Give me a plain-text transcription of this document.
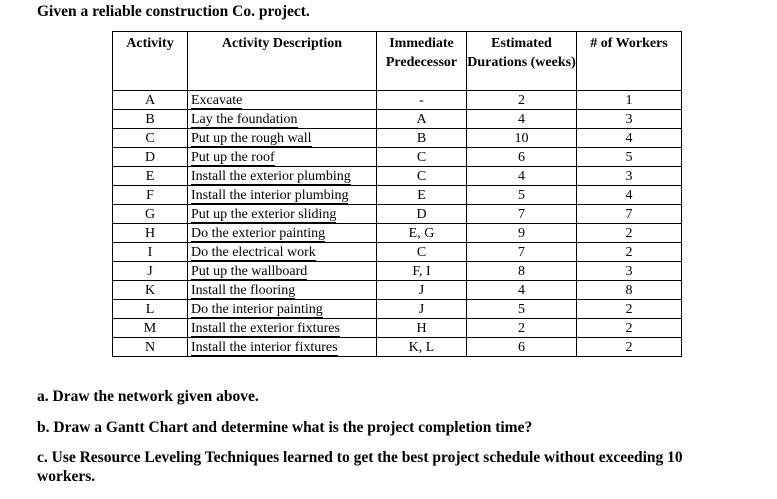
Given a reliable construction Co. project.
Activity	Activity Description	Immediate Predecessor	Estimated Durations (weeks)	# of Workers
A	Excavate	-	2	1
B	Lay the foundation	A	4	3
C	Put up the rough wall	B	10	4
D	Put up the roof	C	6	5
E	Install the exterior plumbing	C	4	3
F	Install the interior plumbing	E	5	4
G	Put up the exterior sliding	D	7	7
H	Do the exterior painting	E, G	9	2
I	Do the electrical work	C	7	2
J	Put up the wallboard	F, I	8	3
K	Install the flooring	J	4	8
L	Do the interior painting	J	5	2
M	Install the exterior fixtures	H	2	2
N	Install the interior fixtures	K, L	6	2

a. Draw the network given above.

b. Draw a Gantt Chart and determine what is the project completion time?

c. Use Resource Leveling Techniques learned to get the best project schedule without exceeding 10 workers.
